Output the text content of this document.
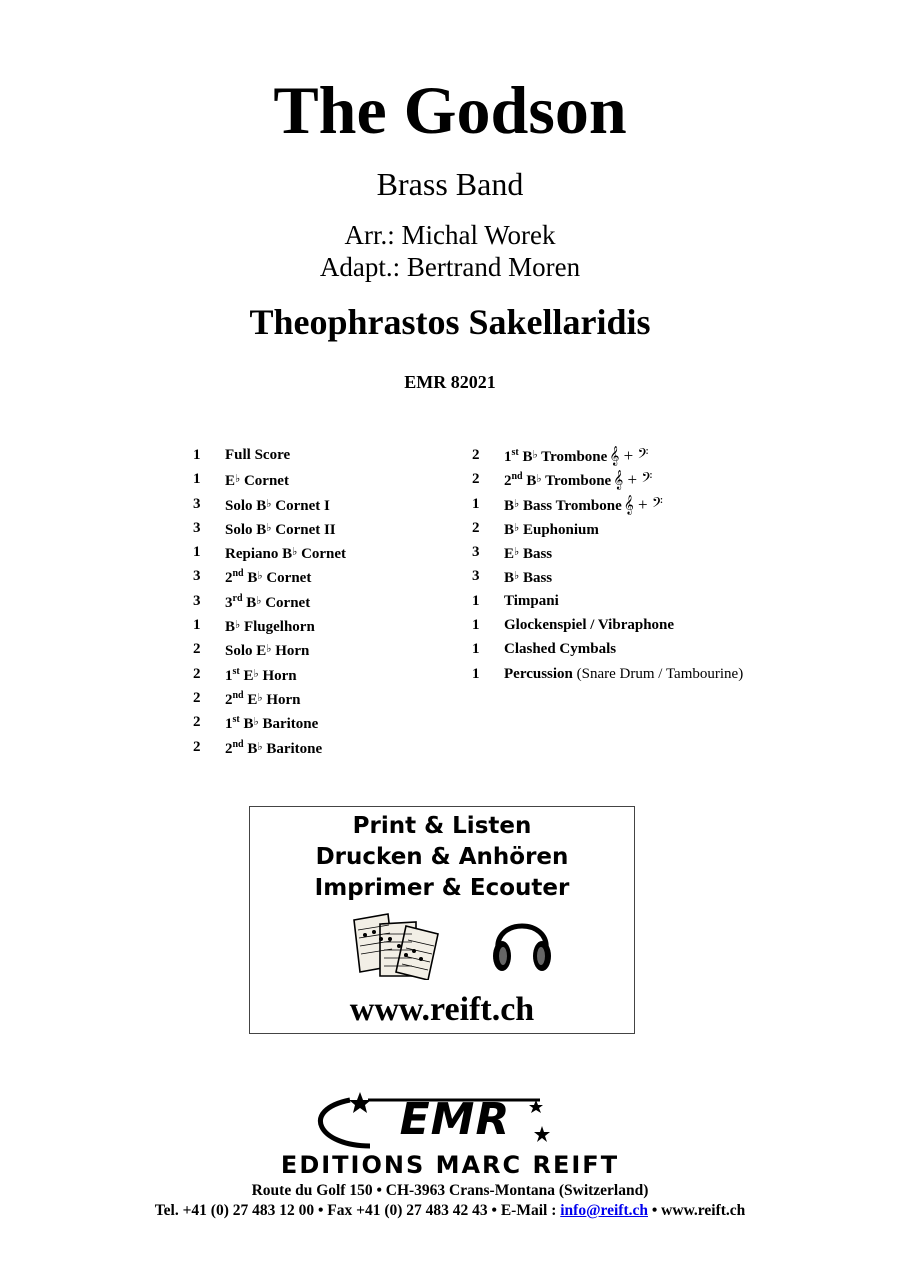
The Godson
Brass Band
Arr.: Michal Worek
Adapt.: Bertrand Moren
Theophrastos Sakellaridis
EMR 82021
1 Full Score
1 E♭ Cornet
3 Solo B♭ Cornet I
3 Solo B♭ Cornet II
1 Repiano B♭ Cornet
3 2nd B♭ Cornet
3 3rd B♭ Cornet
1 B♭ Flugelhorn
2 Solo E♭ Horn
2 1st E♭ Horn
2 2nd E♭ Horn
2 1st B♭ Baritone
2 2nd B♭ Baritone
2 1st B♭ Trombone 𝄞 + 𝄢
2 2nd B♭ Trombone 𝄞 + 𝄢
1 B♭ Bass Trombone 𝄞 + 𝄢
2 B♭ Euphonium
3 E♭ Bass
3 B♭ Bass
1 Timpani
1 Glockenspiel / Vibraphone
1 Clashed Cymbals
1 Percussion (Snare Drum / Tambourine)
Print & Listen
Drucken & Anhören
Imprimer & Ecouter
www.reift.ch
EMR
EDITIONS MARC REIFT
Route du Golf 150 • CH-3963 Crans-Montana (Switzerland)
Tel. +41 (0) 27 483 12 00 • Fax +41 (0) 27 483 42 43 • E-Mail : info@reift.ch • www.reift.ch
